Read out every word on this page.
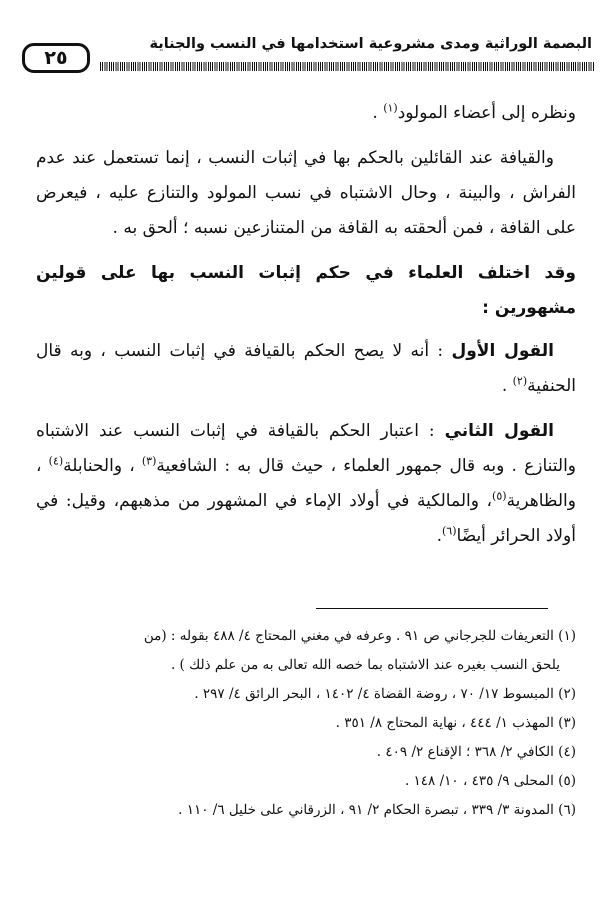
البصمة الوراثية ومدى مشروعية استخدامها في النسب والجناية
٢٥

ونظره إلى أعضاء المولود$^{(١)}$ .

والقيافة عند القائلين بالحكم بها في إثبات النسب ، إنما تستعمل عند عدم الفراش ، والبينة ، وحال الاشتباه في نسب المولود والتنازع عليه ، فيعرض على القافة ، فمن ألحقته به القافة من المتنازعين نسبه ؛ ألحق به .

وقد اختلف العلماء في حكم إثبات النسب بها على قولين مشهورين :

القول الأول : أنه لا يصح الحكم بالقيافة في إثبات النسب ، وبه قال الحنفية$^{(٢)}$ .

القول الثاني : اعتبار الحكم بالقيافة في إثبات النسب عند الاشتباه والتنازع . وبه قال جمهور العلماء ، حيث قال به : الشافعية$^{(٣)}$ ، والحنابلة$^{(٤)}$ ، والظاهرية$^{(٥)}$، والمالكية في أولاد الإماء في المشهور من مذهبهم، وقيل: في أولاد الحرائر أيضًا$^{(٦)}$.

(١) التعريفات للجرجاني ص ٩١ . وعرفه في مغني المحتاج ٤/ ٤٨٨ بقوله : (من

يلحق النسب بغيره عند الاشتباه بما خصه الله تعالى به من علم ذلك ) .

(٢) المبسوط ١٧/ ٧٠ ، روضة القضاة ٤/ ١٤٠٢ ، البحر الرائق ٤/ ٢٩٧ .

(٣) المهذب ١/ ٤٤٤ ، نهاية المحتاج ٨/ ٣٥١ .

(٤) الكافي ٢/ ٣٦٨ ؛ الإقناع ٢/ ٤٠٩ .

(٥) المحلى ٩/ ٤٣٥ ، ١٠/ ١٤٨ .

(٦) المدونة ٣/ ٣٣٩ ، تبصرة الحكام ٢/ ٩١ ، الزرقاني على خليل ٦/ ١١٠ .
